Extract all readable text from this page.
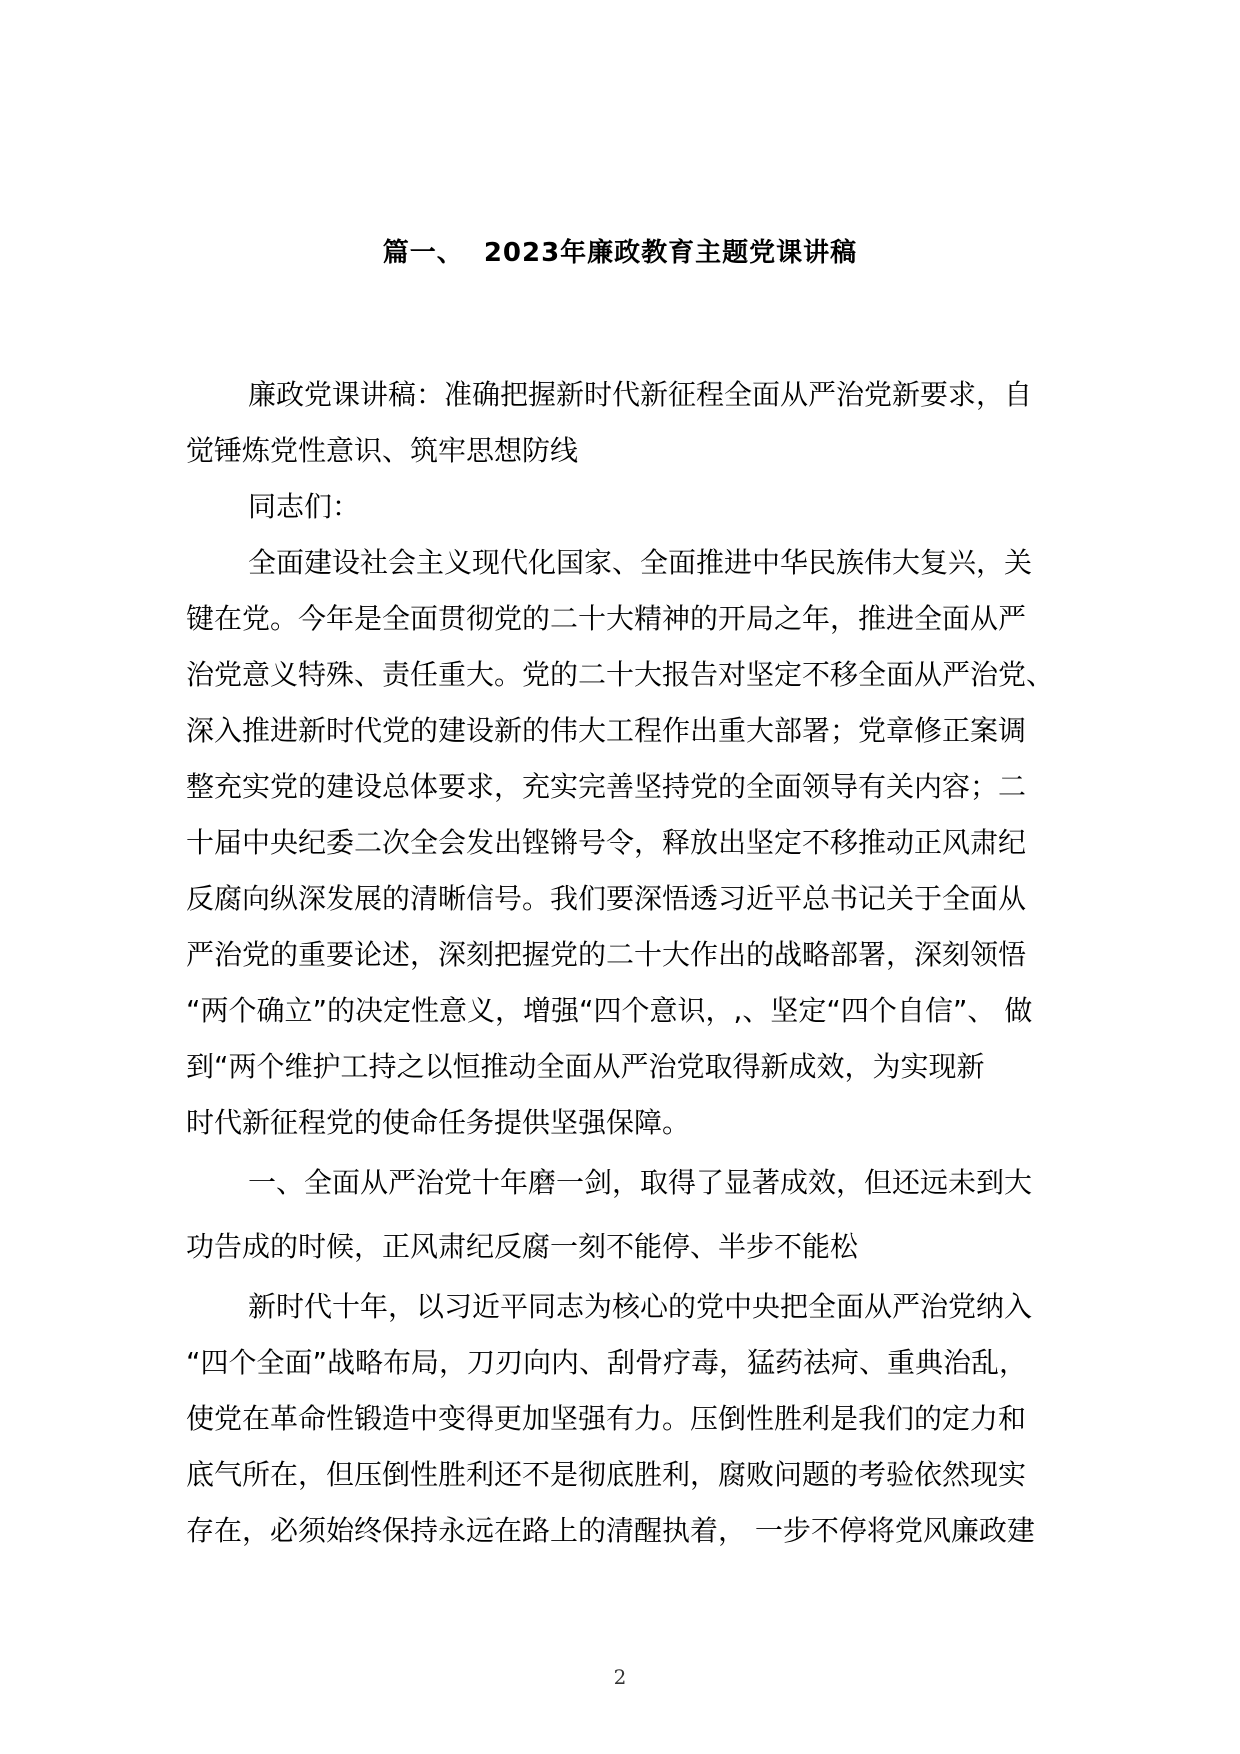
篇一、 2023年廉政教育主题党课讲稿
廉政党课讲稿：准确把握新时代新征程全面从严治党新要求，自
觉锤炼党性意识、筑牢思想防线
同志们：
全面建设社会主义现代化国家、全面推进中华民族伟大复兴，关
键在党。今年是全面贯彻党的二十大精神的开局之年，推进全面从严
治党意义特殊、责任重大。党的二十大报告对坚定不移全面从严治党、
深入推进新时代党的建设新的伟大工程作出重大部署；党章修正案调
整充实党的建设总体要求，充实完善坚持党的全面领导有关内容；二
十届中央纪委二次全会发出铿锵号令，释放出坚定不移推动正风肃纪
反腐向纵深发展的清晰信号。我们要深悟透习近平总书记关于全面从
严治党的重要论述，深刻把握党的二十大作出的战略部署，深刻领悟
“两个确立”的决定性意义，增强“四个意识，,、坚定“四个自信”、 做
到“两个维护工持之以恒推动全面从严治党取得新成效，为实现新
时代新征程党的使命任务提供坚强保障。
一、全面从严治党十年磨一剑，取得了显著成效，但还远未到大
功告成的时候，正风肃纪反腐一刻不能停、半步不能松
新时代十年，以习近平同志为核心的党中央把全面从严治党纳入
“四个全面”战略布局，刀刃向内、刮骨疗毒，猛药祛疴、重典治乱，
使党在革命性锻造中变得更加坚强有力。压倒性胜利是我们的定力和
底气所在，但压倒性胜利还不是彻底胜利，腐败问题的考验依然现实
存在，必须始终保持永远在路上的清醒执着， 一步不停将党风廉政建
2
